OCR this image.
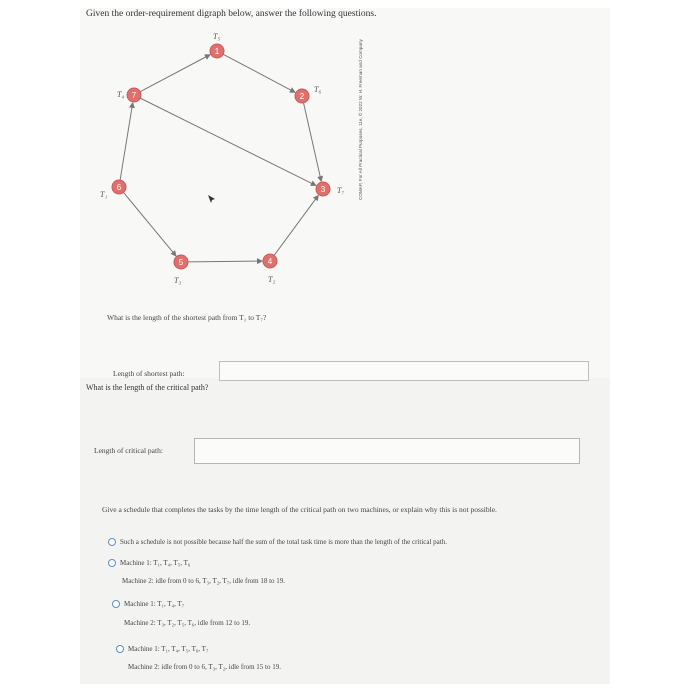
Given the order-requirement digraph below, answer the following questions.
1
7	2
6	3
5	4
T₅
T₄
T₆
T₁	T₇
T₃	T₂
COMAP, For All Practical Purposes, 11e, © 2022 W. H. Freeman and Company
What is the length of the shortest path from T₁ to T₇?
Length of shortest path:
What is the length of the critical path?
Length of critical path:
Give a schedule that completes the tasks by the time length of the critical path on two machines, or explain why this is not possible.
Such a schedule is not possible because half the sum of the total task time is more than the length of the critical path.
Machine 1: T₁, T₄, T₅, T₆
Machine 2: idle from 0 to 6, T₃, T₂, T₇, idle from 18 to 19.
Machine 1: T₁, T₄, T₇
Machine 2: T₃, T₂, T₅, T₆, idle from 12 to 19.
Machine 1: T₁, T₄, T₅, T₆, T₇
Machine 2: idle from 0 to 6, T₃, T₂, idle from 15 to 19.
